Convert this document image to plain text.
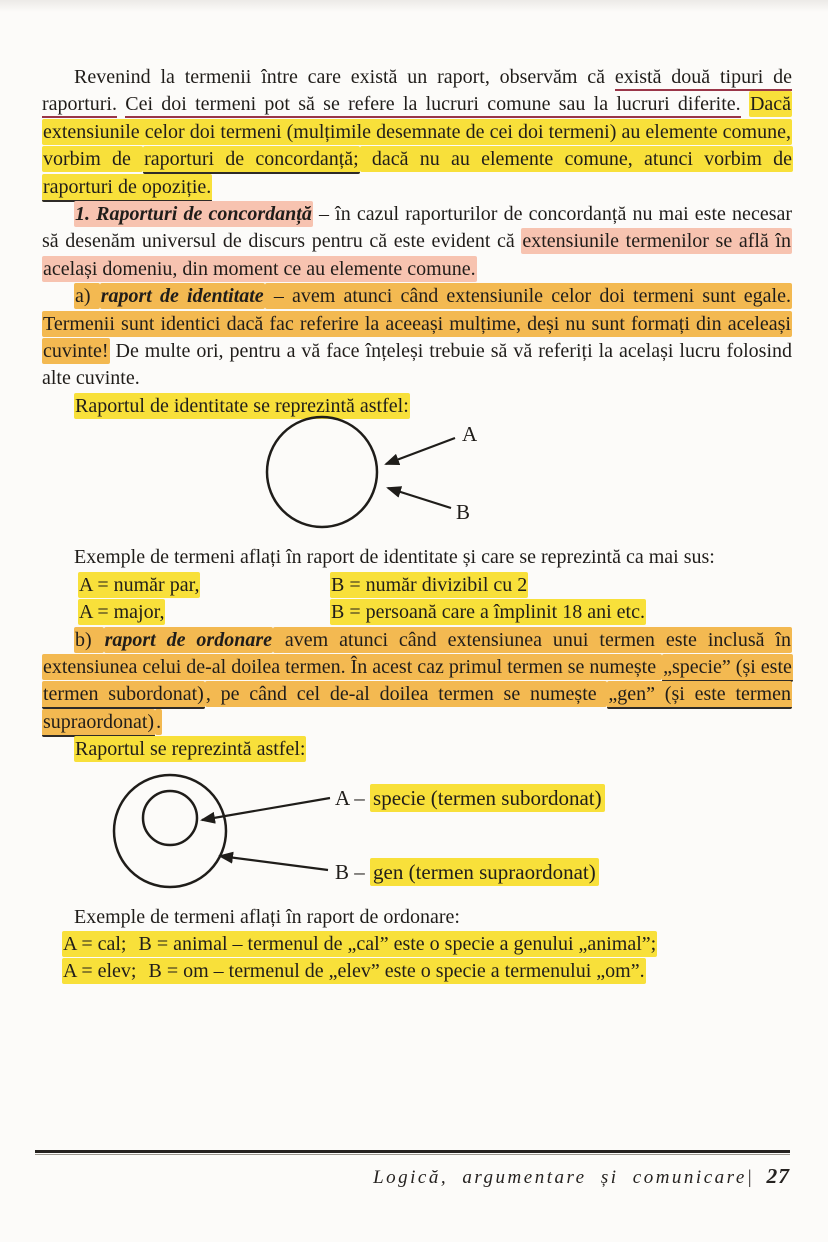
Revenind la termenii între care există un raport, observăm că există două tipuri de raporturi. Cei doi termeni pot să se refere la lucruri comune sau la lucruri diferite. Dacă extensiunile celor doi termeni (mulțimile desemnate de cei doi termeni) au elemente comune, vorbim de raporturi de concordanță; dacă nu au elemente comune, atunci vorbim de raporturi de opoziție.

1. Raporturi de concordanță – în cazul raporturilor de concordanță nu mai este necesar să desenăm universul de discurs pentru că este evident că extensiunile termenilor se află în același domeniu, din moment ce au elemente comune.

a) raport de identitate – avem atunci când extensiunile celor doi termeni sunt egale. Termenii sunt identici dacă fac referire la aceeași mulțime, deși nu sunt formați din aceleași cuvinte! De multe ori, pentru a vă face înțeleși trebuie să vă referiți la același lucru folosind alte cuvinte.

Raportul de identitate se reprezintă astfel:

A
B

Exemple de termeni aflați în raport de identitate și care se reprezintă ca mai sus:

A = număr par,	B = număr divizibil cu 2

A = major,	B = persoană care a împlinit 18 ani etc.

b) raport de ordonare avem atunci când extensiunea unui termen este inclusă în extensiunea celui de-al doilea termen. În acest caz primul termen se numește „specie” (și este termen subordonat) , pe când cel de-al doilea termen se numește „gen” (și este termen supraordonat) .

Raportul se reprezintă astfel:

A – specie (termen subordonat)
B – gen (termen supraordonat)

Exemple de termeni aflați în raport de ordonare:

A = cal; B = animal – termenul de „cal” este o specie a genului „animal”;

A = elev; B = om – termenul de „elev” este o specie a termenului „om”.

Logică, argumentare și comunicare| 27
